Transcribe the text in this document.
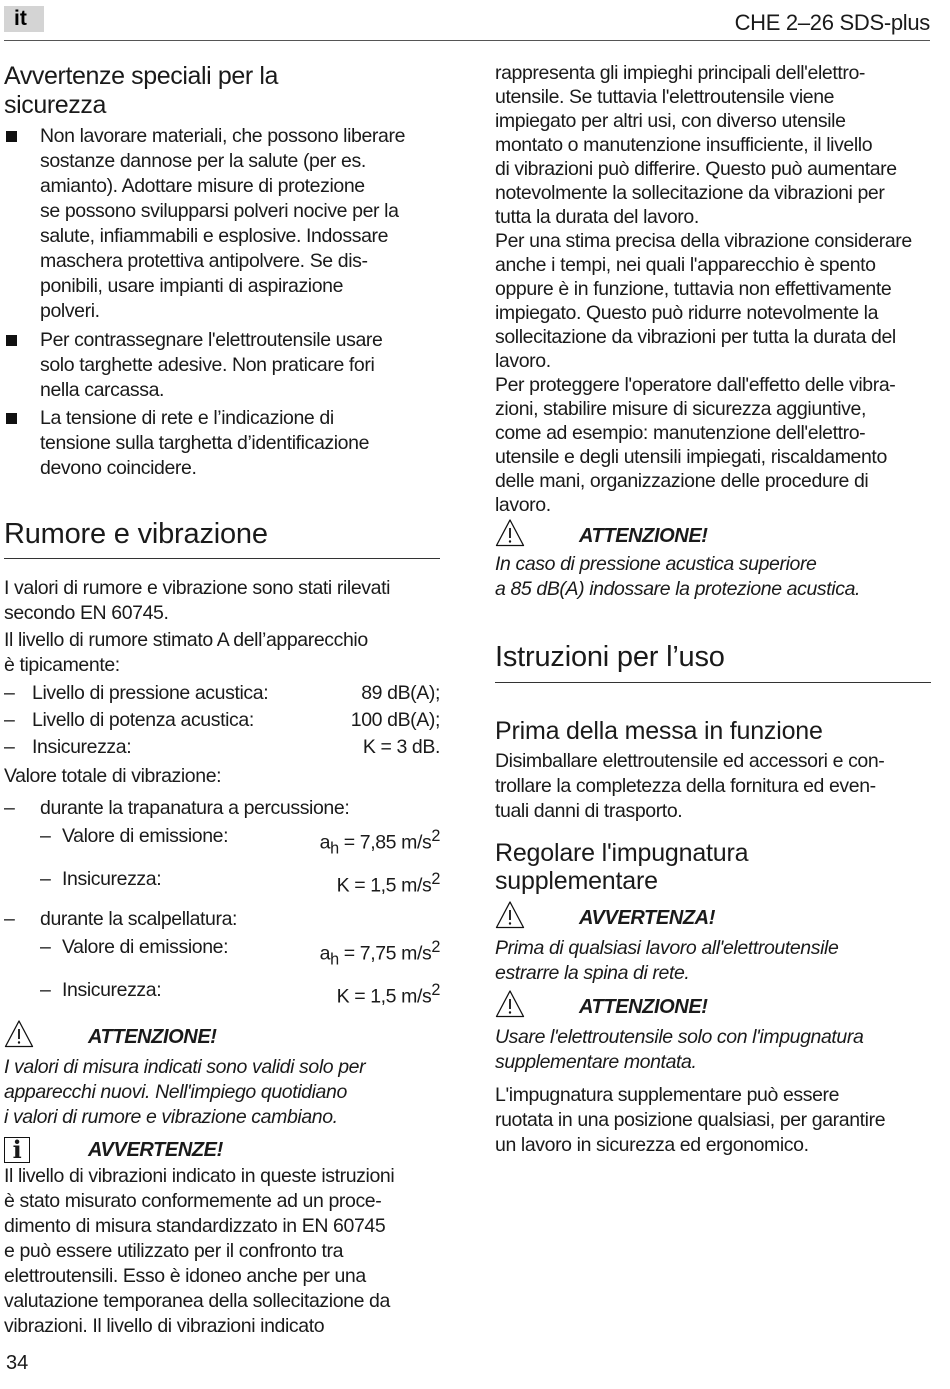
it	CHE 2–26 SDS-plus
Avvertenze speciali per la
sicurezza
Non lavorare materiali, che possono liberare
sostanze dannose per la salute (per es.
amianto). Adottare misure di protezione
se possono svilupparsi polveri nocive per la
salute, infiammabili e esplosive. Indossare
maschera protettiva antipolvere. Se dis-
ponibili, usare impianti di aspirazione
polveri.
Per contrassegnare l'elettroutensile usare
solo targhette adesive. Non praticare fori
nella carcassa.
La tensione di rete e l’indicazione di
tensione sulla targhetta d’identificazione
devono coincidere.
Rumore e vibrazione

I valori di rumore e vibrazione sono stati rilevati
secondo EN 60745.

Il livello di rumore stimato A dell’apparecchio
è tipicamente:

– Livello di pressione acustica:	89 dB(A);
– Livello di potenza acustica:	100 dB(A);
– Insicurezza:	K = 3 dB.

Valore totale di vibrazione:

–	durante la trapanatura a percussione:
– Valore di emissione:	$a_h = 7,85$ $m/s^2$
– Insicurezza:	K = 1,5 $m/s^2$
–	durante la scalpellatura:
– Valore di emissione:	$a_h = 7,75$ $m/s^2$
– Insicurezza:	K = 1,5 $m/s^2$
ATTENZIONE!

I valori di misura indicati sono validi solo per
apparecchi nuovi. Nell'impiego quotidiano
i valori di rumore e vibrazione cambiano.

i	AVVERTENZE!

Il livello di vibrazioni indicato in queste istruzioni
è stato misurato conformemente ad un proce-
dimento di misura standardizzato in EN 60745
e può essere utilizzato per il confronto tra
elettroutensili. Esso è idoneo anche per una
valutazione temporanea della sollecitazione da
vibrazioni. Il livello di vibrazioni indicato

rappresenta gli impieghi principali dell'elettro-
utensile. Se tuttavia l'elettroutensile viene
impiegato per altri usi, con diverso utensile
montato o manutenzione insufficiente, il livello
di vibrazioni può differire. Questo può aumentare
notevolmente la sollecitazione da vibrazioni per
tutta la durata del lavoro.

Per una stima precisa della vibrazione considerare
anche i tempi, nei quali l'apparecchio è spento
oppure è in funzione, tuttavia non effettivamente
impiegato. Questo può ridurre notevolmente la
sollecitazione da vibrazioni per tutta la durata del
lavoro.

Per proteggere l'operatore dall'effetto delle vibra-
zioni, stabilire misure di sicurezza aggiuntive,
come ad esempio: manutenzione dell'elettro-
utensile e degli utensili impiegati, riscaldamento
delle mani, organizzazione delle procedure di
lavoro.

ATTENZIONE!

In caso di pressione acustica superiore
a 85 dB(A) indossare la protezione acustica.

Istruzioni per l’uso
Prima della messa in funzione

Disimballare elettroutensile ed accessori e con-
trollare la completezza della fornitura ed even-
tuali danni di trasporto.

Regolare l'impugnatura
supplementare
AVVERTENZA!

Prima di qualsiasi lavoro all'elettroutensile
estrarre la spina di rete.

ATTENZIONE!

Usare l'elettroutensile solo con l'impugnatura
supplementare montata.

L'impugnatura supplementare può essere
ruotata in una posizione qualsiasi, per garantire
un lavoro in sicurezza ed ergonomico.

34
